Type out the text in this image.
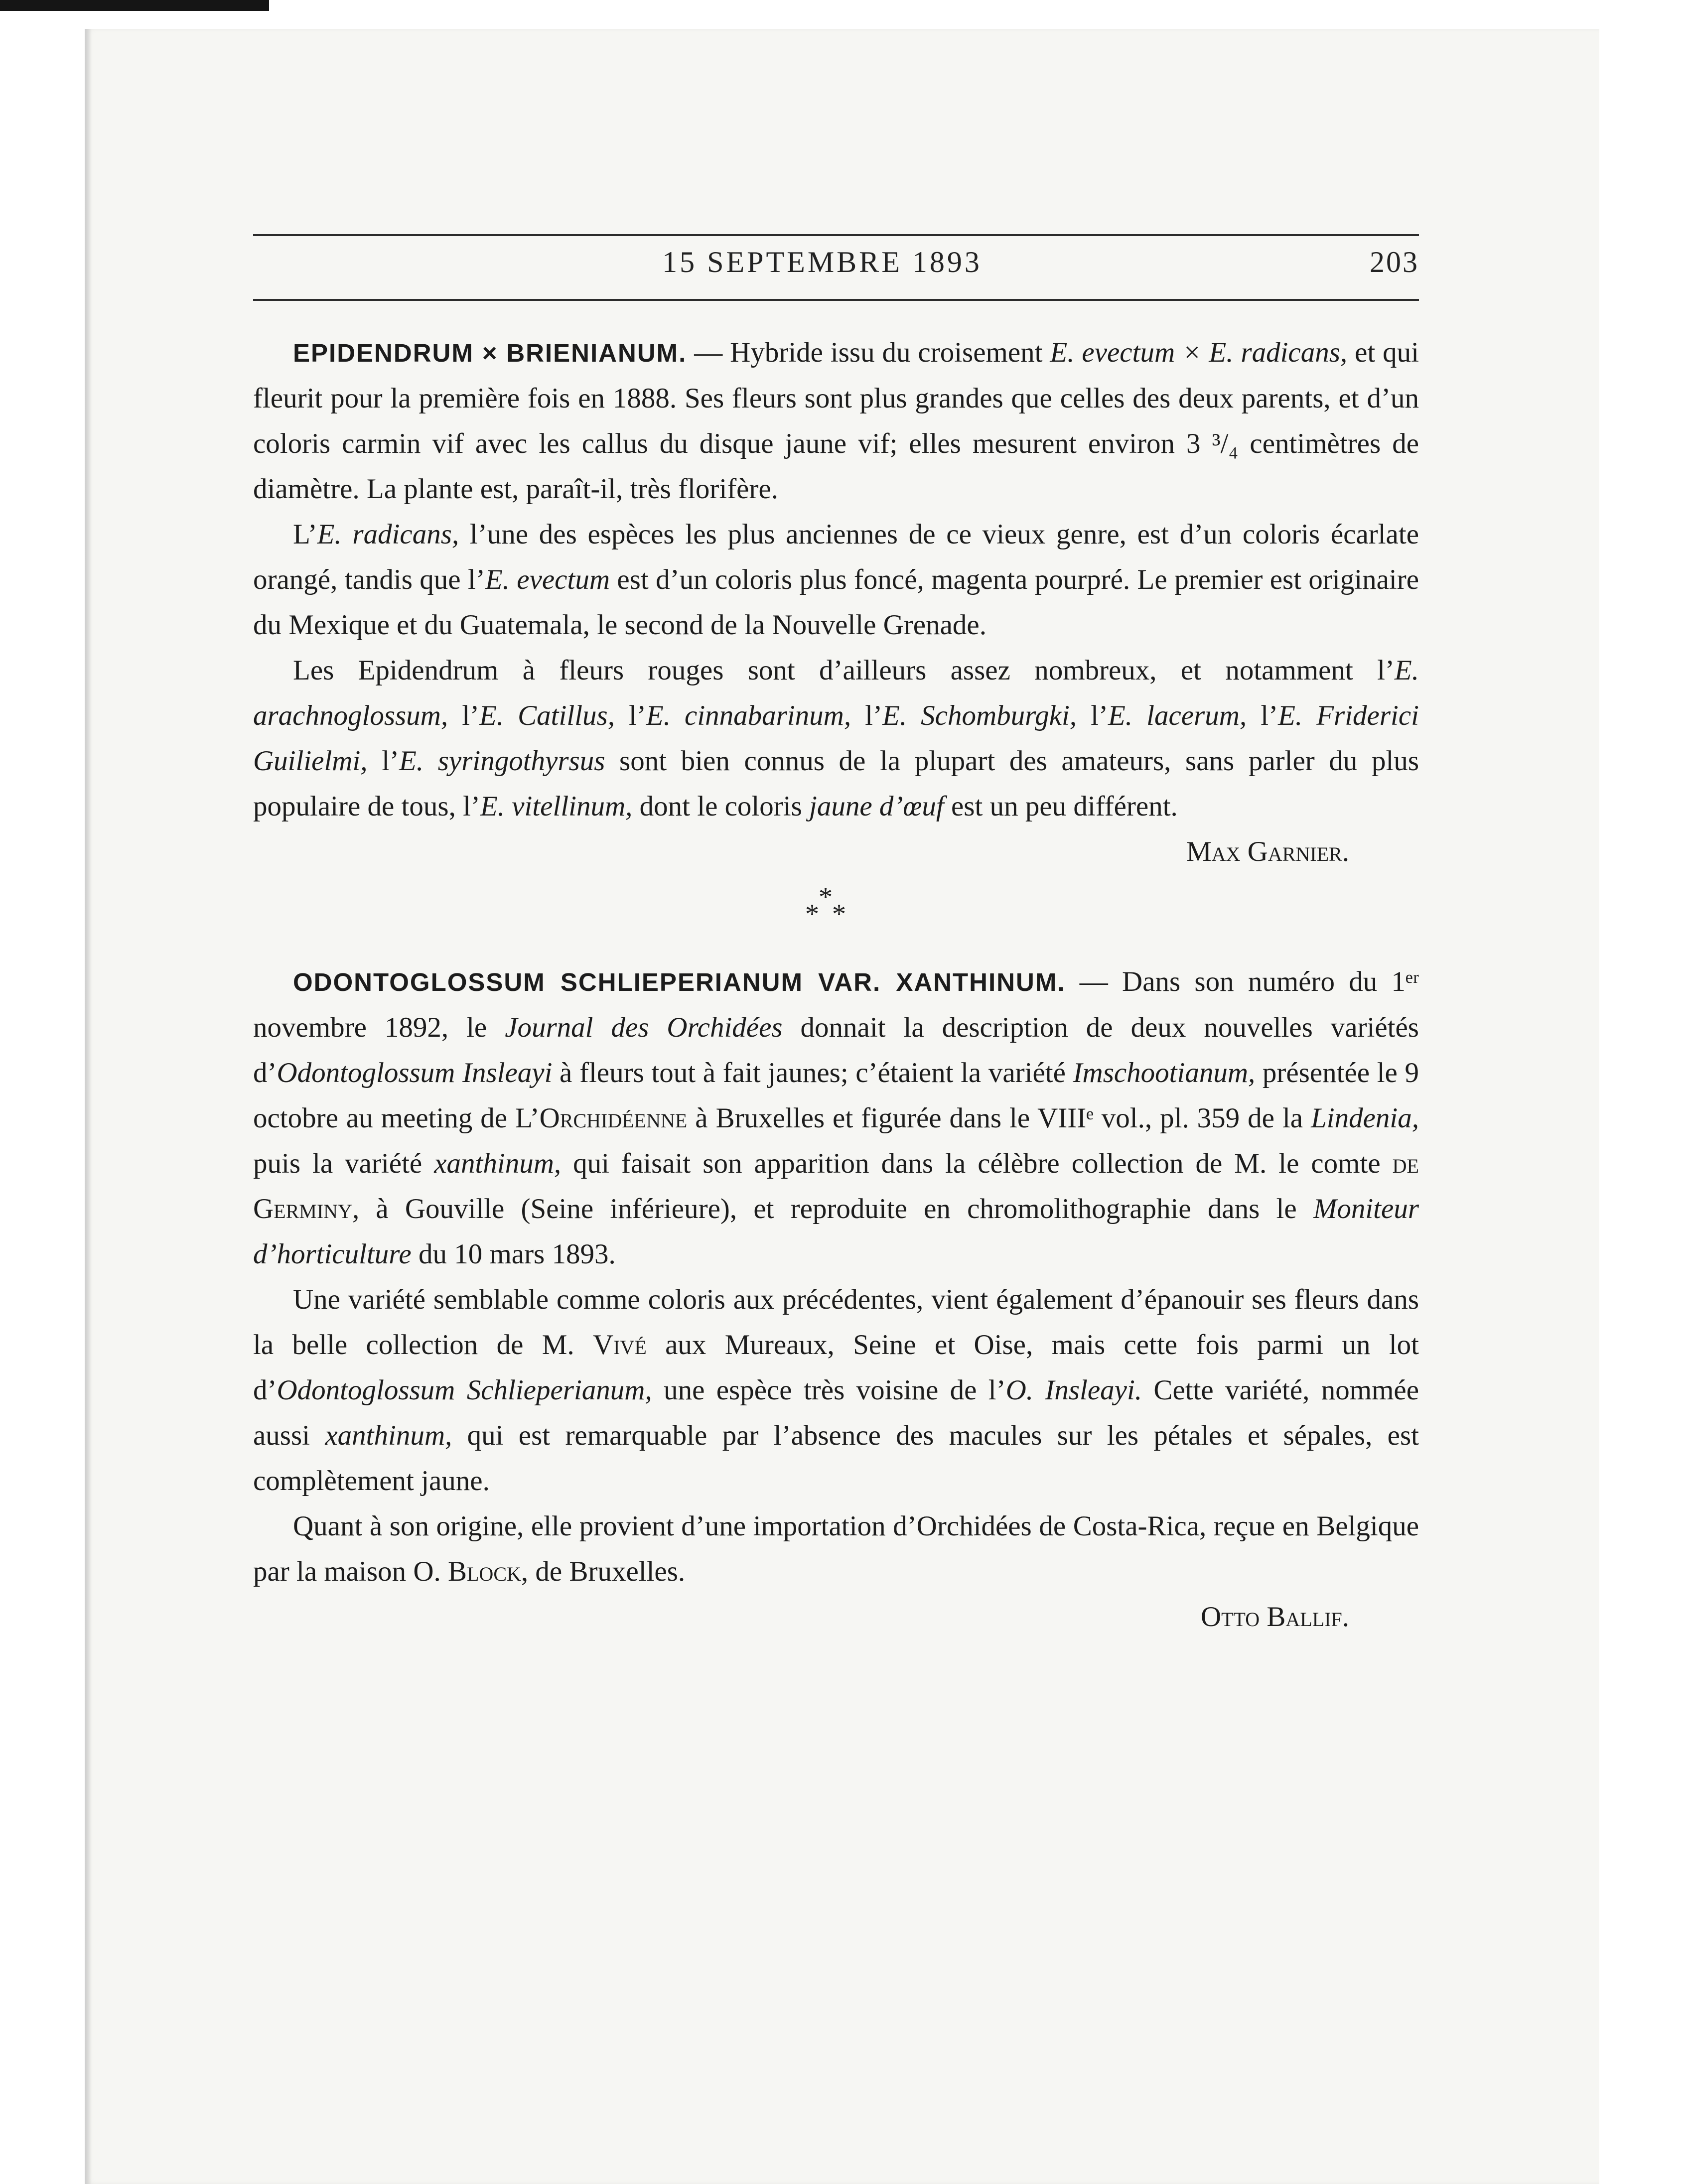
15 SEPTEMBRE 1893	203

EPIDENDRUM × BRIENIANUM. — Hybride issu du croisement E. evectum × E. radicans, et qui fleurit pour la première fois en 1888. Ses fleurs sont plus grandes que celles des deux parents, et d’un coloris carmin vif avec les callus du disque jaune vif; elles mesurent environ 3 ³/₄ centimètres de diamètre. La plante est, paraît-il, très florifère.

L’E. radicans, l’une des espèces les plus anciennes de ce vieux genre, est d’un coloris écarlate orangé, tandis que l’E. evectum est d’un coloris plus foncé, magenta pourpré. Le premier est originaire du Mexique et du Guatemala, le second de la Nouvelle Grenade.

Les Epidendrum à fleurs rouges sont d’ailleurs assez nombreux, et notamment l’E. arachnoglossum, l’E. Catillus, l’E. cinnabarinum, l’E. Schomburgki, l’E. lacerum, l’E. Friderici Guilielmi, l’E. syringothyrsus sont bien connus de la plupart des amateurs, sans parler du plus populaire de tous, l’E. vitellinum, dont le coloris jaune d’œuf est un peu différent.

Max Garnier.

*
* *

ODONTOGLOSSUM SCHLIEPERIANUM VAR. XANTHINUM. — Dans son numéro du 1ᵉʳ novembre 1892, le Journal des Orchidées donnait la description de deux nouvelles variétés d’Odontoglossum Insleayi à fleurs tout à fait jaunes; c’étaient la variété Imschootianum, présentée le 9 octobre au meeting de L’Orchidéenne à Bruxelles et figurée dans le VIIIᵉ vol., pl. 359 de la Lindenia, puis la variété xanthinum, qui faisait son apparition dans la célèbre collection de M. le comte de Germiny, à Gouville (Seine inférieure), et reproduite en chromolithographie dans le Moniteur d’horticulture du 10 mars 1893.

Une variété semblable comme coloris aux précédentes, vient également d’épanouir ses fleurs dans la belle collection de M. Vivé aux Mureaux, Seine et Oise, mais cette fois parmi un lot d’Odontoglossum Schlieperianum, une espèce très voisine de l’O. Insleayi. Cette variété, nommée aussi xanthinum, qui est remarquable par l’absence des macules sur les pétales et sépales, est complètement jaune.

Quant à son origine, elle provient d’une importation d’Orchidées de Costa-Rica, reçue en Belgique par la maison O. Block, de Bruxelles.

Otto Ballif.
